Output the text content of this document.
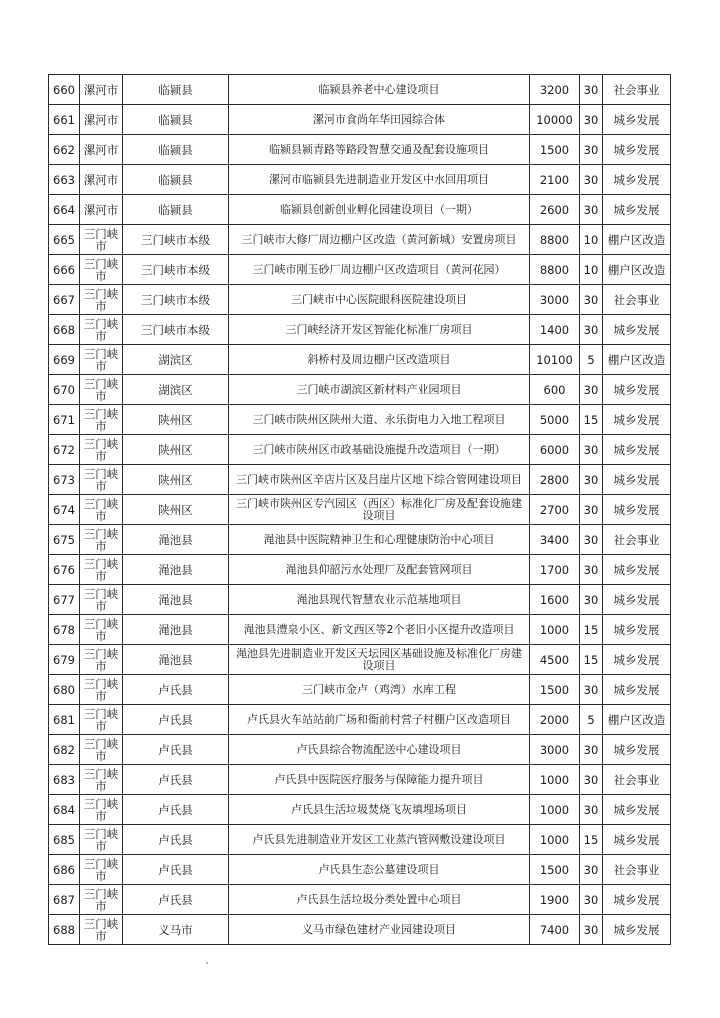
660	漯河市	临颍县	临颍县养老中心建设项目	3200	30	社会事业
661	漯河市	临颍县	漯河市食尚年华田园综合体	10000	30	城乡发展
662	漯河市	临颍县	临颍县颍青路等路段智慧交通及配套设施项目	1500	30	城乡发展
663	漯河市	临颍县	漯河市临颍县先进制造业开发区中水回用项目	2100	30	城乡发展
664	漯河市	临颍县	临颍县创新创业孵化园建设项目（一期）	2600	30	城乡发展
665	三门峡市	三门峡市本级	三门峡市大修厂周边棚户区改造（黄河新城）安置房项目	8800	10	棚户区改造
666	三门峡市	三门峡市本级	三门峡市刚玉砂厂周边棚户区改造项目（黄河花园）	8800	10	棚户区改造
667	三门峡市	三门峡市本级	三门峡市中心医院眼科医院建设项目	3000	30	社会事业
668	三门峡市	三门峡市本级	三门峡经济开发区智能化标准厂房项目	1400	30	城乡发展
669	三门峡市	湖滨区	斜桥村及周边棚户区改造项目	10100	5	棚户区改造
670	三门峡市	湖滨区	三门峡市湖滨区新材料产业园项目	600	30	城乡发展
671	三门峡市	陕州区	三门峡市陕州区陕州大道、永乐街电力入地工程项目	5000	15	城乡发展
672	三门峡市	陕州区	三门峡市陕州区市政基础设施提升改造项目（一期）	6000	30	城乡发展
673	三门峡市	陕州区	三门峡市陕州区辛店片区及吕崖片区地下综合管网建设项目	2800	30	城乡发展
674	三门峡市	陕州区	三门峡市陕州区专汽园区（西区）标准化厂房及配套设施建设项目	2700	30	城乡发展
675	三门峡市	渑池县	渑池县中医院精神卫生和心理健康防治中心项目	3400	30	社会事业
676	三门峡市	渑池县	渑池县仰韶污水处理厂及配套管网项目	1700	30	城乡发展
677	三门峡市	渑池县	渑池县现代智慧农业示范基地项目	1600	30	城乡发展
678	三门峡市	渑池县	渑池县澧泉小区、新文西区等2个老旧小区提升改造项目	1000	15	城乡发展
679	三门峡市	渑池县	渑池县先进制造业开发区天坛园区基础设施及标准化厂房建设项目	4500	15	城乡发展
680	三门峡市	卢氏县	三门峡市金卢（鸡湾）水库工程	1500	30	城乡发展
681	三门峡市	卢氏县	卢氏县火车站站前广场和衙前村营子村棚户区改造项目	2000	5	棚户区改造
682	三门峡市	卢氏县	卢氏县综合物流配送中心建设项目	3000	30	城乡发展
683	三门峡市	卢氏县	卢氏县中医院医疗服务与保障能力提升项目	1000	30	社会事业
684	三门峡市	卢氏县	卢氏县生活垃圾焚烧飞灰填埋场项目	1000	30	城乡发展
685	三门峡市	卢氏县	卢氏县先进制造业开发区工业蒸汽管网敷设建设项目	1000	15	城乡发展
686	三门峡市	卢氏县	卢氏县生态公墓建设项目	1500	30	社会事业
687	三门峡市	卢氏县	卢氏县生活垃圾分类处置中心项目	1900	30	城乡发展
688	三门峡市	义马市	义马市绿色建材产业园建设项目	7400	30	城乡发展
